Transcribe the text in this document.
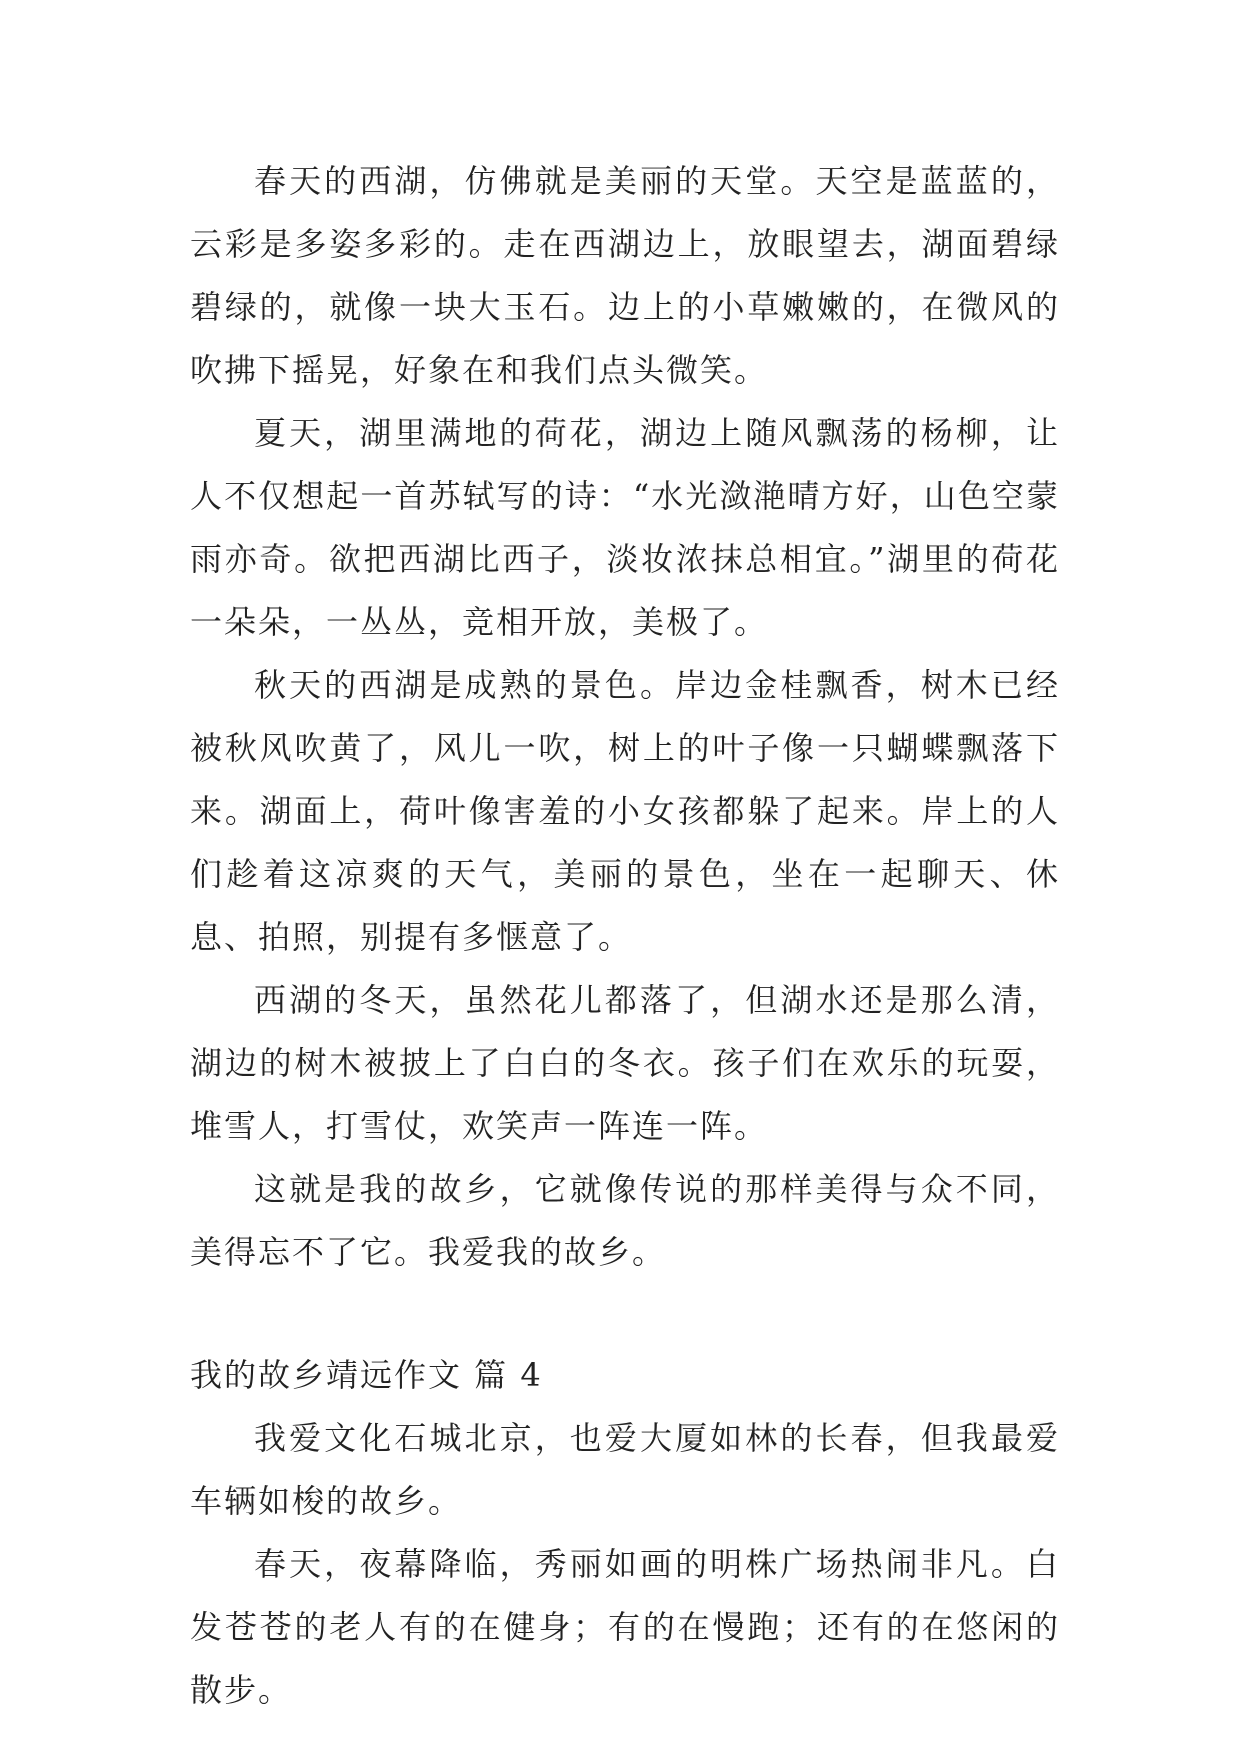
春天的西湖，仿佛就是美丽的天堂。天空是蓝蓝的，云彩是多姿多彩的。走在西湖边上，放眼望去，湖面碧绿碧绿的，就像一块大玉石。边上的小草嫩嫩的，在微风的吹拂下摇晃，好象在和我们点头微笑。

夏天，湖里满地的荷花，湖边上随风飘荡的杨柳，让人不仅想起一首苏轼写的诗：“水光潋滟晴方好，山色空蒙雨亦奇。欲把西湖比西子，淡妆浓抹总相宜。”湖里的荷花一朵朵，一丛丛，竞相开放，美极了。

秋天的西湖是成熟的景色。岸边金桂飘香，树木已经被秋风吹黄了，风儿一吹，树上的叶子像一只蝴蝶飘落下来。湖面上，荷叶像害羞的小女孩都躲了起来。岸上的人们趁着这凉爽的天气，美丽的景色，坐在一起聊天、休息、拍照，别提有多惬意了。

西湖的冬天，虽然花儿都落了，但湖水还是那么清，湖边的树木被披上了白白的冬衣。孩子们在欢乐的玩耍，堆雪人，打雪仗，欢笑声一阵连一阵。

这就是我的故乡，它就像传说的那样美得与众不同，美得忘不了它。我爱我的故乡。

我的故乡靖远作文 篇 4

我爱文化石城北京，也爱大厦如林的长春，但我最爱车辆如梭的故乡。

春天，夜幕降临，秀丽如画的明株广场热闹非凡。白发苍苍的老人有的在健身；有的在慢跑；还有的在悠闲的散步。
